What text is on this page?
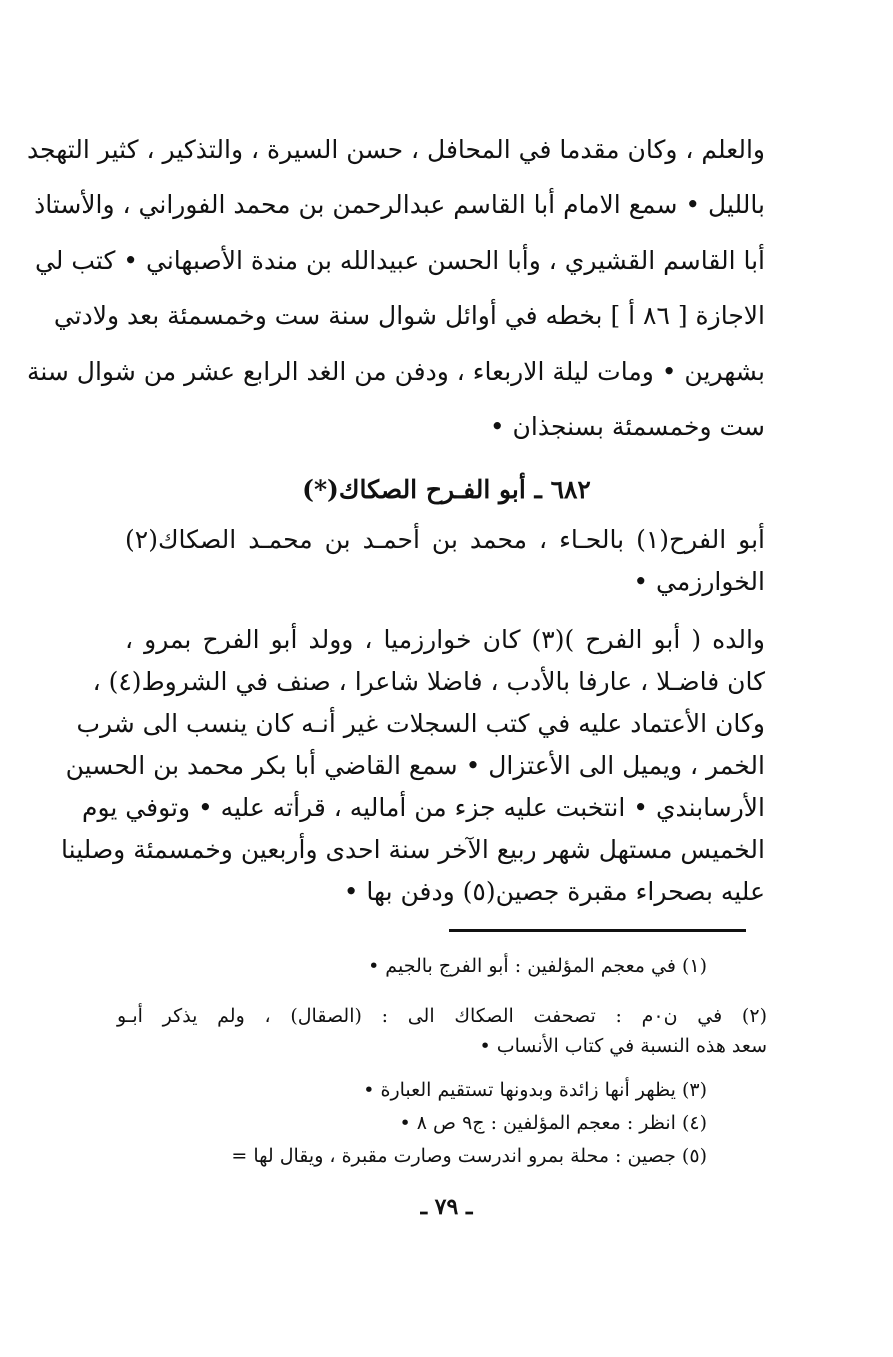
والعلم ، وكان مقدما في المحافل ، حسن السيرة ، والتذكير ، كثير التهجد
بالليل • سمع الامام أبا القاسم عبدالرحمن بن محمد الفوراني ، والأستاذ
أبا القاسم القشيري ، وأبا الحسن عبيدالله بن مندة الأصبهاني • كتب لي
الاجازة [ ٨٦ أ ] بخطه في أوائل شوال سنة ست وخمسمئة بعد ولادتي
بشهرين • ومات ليلة الاربعاء ، ودفن من الغد الرابع عشر من شوال سنة
ست وخمسمئة بسنجذان •
٦٨٢ ـ أبو الفـرح الصكاك(*)
أبو الفرح(١) بالحـاء ، محمد بن أحمـد بن محمـد الصكاك(٢)
الخوارزمي •
والده ( أبو الفرح )(٣) كان خوارزميا ، وولد أبو الفرح بمرو ،
كان فاضـلا ، عارفا بالأدب ، فاضلا شاعرا ، صنف في الشروط(٤) ،
وكان الأعتماد عليه في كتب السجلات غير أنـه كان ينسب الى شرب
الخمر ، ويميل الى الأعتزال • سمع القاضي أبا بكر محمد بن الحسين
الأرسابندي • انتخبت عليه جزء من أماليه ، قرأته عليه • وتوفي يوم
الخميس مستهل شهر ربيع الآخر سنة احدى وأربعين وخمسمئة وصلينا
عليه بصحراء مقبرة جصين(٥) ودفن بها •
(١) في معجم المؤلفين : أبو الفرج بالجيم •
(٢) في ن٠م : تصحفت الصكاك الى : (الصقال) ، ولم يذكر أبـو
سعد هذه النسبة في كتاب الأنساب •
(٣) يظهر أنها زائدة وبدونها تستقيم العبارة •
(٤) انظر : معجم المؤلفين : ج٩ ص ٨ •
(٥) جصين : محلة بمرو اندرست وصارت مقبرة ، ويقال لها =
ـ ٧٩ ـ
